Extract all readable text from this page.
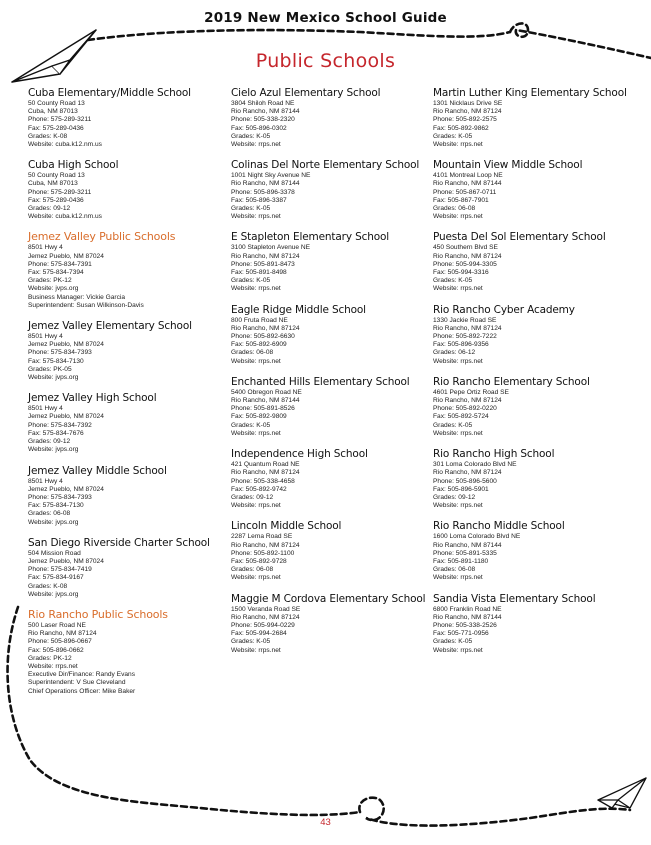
2019 New Mexico School Guide
Public Schools
Cuba Elementary/Middle School
50 County Road 13
Cuba, NM 87013
Phone: 575-289-3211
Fax: 575-289-0436
Grades: K-08
Website: cuba.k12.nm.us
Cuba High School
50 County Road 13
Cuba, NM 87013
Phone: 575-289-3211
Fax: 575-289-0436
Grades: 09-12
Website: cuba.k12.nm.us
Jemez Valley Public Schools
8501 Hwy 4
Jemez Pueblo, NM 87024
Phone: 575-834-7391
Fax: 575-834-7394
Grades: PK-12
Website: jvps.org
Business Manager: Vickie Garcia
Superintendent: Susan Wilkinson-Davis
Jemez Valley Elementary School
8501 Hwy 4
Jemez Pueblo, NM 87024
Phone: 575-834-7393
Fax: 575-834-7130
Grades: PK-05
Website: jvps.org
Jemez Valley High School
8501 Hwy 4
Jemez Pueblo, NM 87024
Phone: 575-834-7392
Fax: 575-834-7676
Grades: 09-12
Website: jvps.org
Jemez Valley Middle School
8501 Hwy 4
Jemez Pueblo, NM 87024
Phone: 575-834-7393
Fax: 575-834-7130
Grades: 06-08
Website: jvps.org
San Diego Riverside Charter School
504 Mission Road
Jemez Pueblo, NM 87024
Phone: 575-834-7419
Fax: 575-834-9167
Grades: K-08
Website: jvps.org
Rio Rancho Public Schools
500 Laser Road NE
Rio Rancho, NM 87124
Phone: 505-896-0667
Fax: 505-896-0662
Grades: PK-12
Website: rrps.net
Executive Dir/Finance: Randy Evans
Superintendent: V Sue Cleveland
Chief Operations Officer: Mike Baker
Cielo Azul Elementary School
3804 Shiloh Road NE
Rio Rancho, NM 87144
Phone: 505-338-2320
Fax: 505-896-0302
Grades: K-05
Website: rrps.net
Colinas Del Norte Elementary School
1001 Night Sky Avenue NE
Rio Rancho, NM 87144
Phone: 505-896-3378
Fax: 505-896-3387
Grades: K-05
Website: rrps.net
E Stapleton Elementary School
3100 Stapleton Avenue NE
Rio Rancho, NM 87124
Phone: 505-891-8473
Fax: 505-891-8498
Grades: K-05
Website: rrps.net
Eagle Ridge Middle School
800 Fruta Road NE
Rio Rancho, NM 87124
Phone: 505-892-6630
Fax: 505-892-6909
Grades: 06-08
Website: rrps.net
Enchanted Hills Elementary School
5400 Obregon Road NE
Rio Rancho, NM 87144
Phone: 505-891-8526
Fax: 505-892-9809
Grades: K-05
Website: rrps.net
Independence High School
421 Quantum Road NE
Rio Rancho, NM 87124
Phone: 505-338-4658
Fax: 505-892-9742
Grades: 09-12
Website: rrps.net
Lincoln Middle School
2287 Lema Road SE
Rio Rancho, NM 87124
Phone: 505-892-1100
Fax: 505-892-9728
Grades: 06-08
Website: rrps.net
Maggie M Cordova Elementary School
1500 Veranda Road SE
Rio Rancho, NM 87124
Phone: 505-994-0229
Fax: 505-994-2684
Grades: K-05
Website: rrps.net
Martin Luther King Elementary School
1301 Nicklaus Drive SE
Rio Rancho, NM 87124
Phone: 505-892-2575
Fax: 505-892-9862
Grades: K-05
Website: rrps.net
Mountain View Middle School
4101 Montreal Loop NE
Rio Rancho, NM 87144
Phone: 505-867-0711
Fax: 505-867-7901
Grades: 06-08
Website: rrps.net
Puesta Del Sol Elementary School
450 Southern Blvd SE
Rio Rancho, NM 87124
Phone: 505-994-3305
Fax: 505-994-3316
Grades: K-05
Website: rrps.net
Rio Rancho Cyber Academy
1330 Jackie Road SE
Rio Rancho, NM 87124
Phone: 505-892-7222
Fax: 505-896-9356
Grades: 06-12
Website: rrps.net
Rio Rancho Elementary School
4601 Pepe Ortiz Road SE
Rio Rancho, NM 87124
Phone: 505-892-0220
Fax: 505-892-5724
Grades: K-05
Website: rrps.net
Rio Rancho High School
301 Loma Colorado Blvd NE
Rio Rancho, NM 87124
Phone: 505-896-5600
Fax: 505-896-5901
Grades: 09-12
Website: rrps.net
Rio Rancho Middle School
1600 Loma Colorado Blvd NE
Rio Rancho, NM 87144
Phone: 505-891-5335
Fax: 505-891-1180
Grades: 06-08
Website: rrps.net
Sandia Vista Elementary School
6800 Franklin Road NE
Rio Rancho, NM 87144
Phone: 505-338-2526
Fax: 505-771-0956
Grades: K-05
Website: rrps.net
43
